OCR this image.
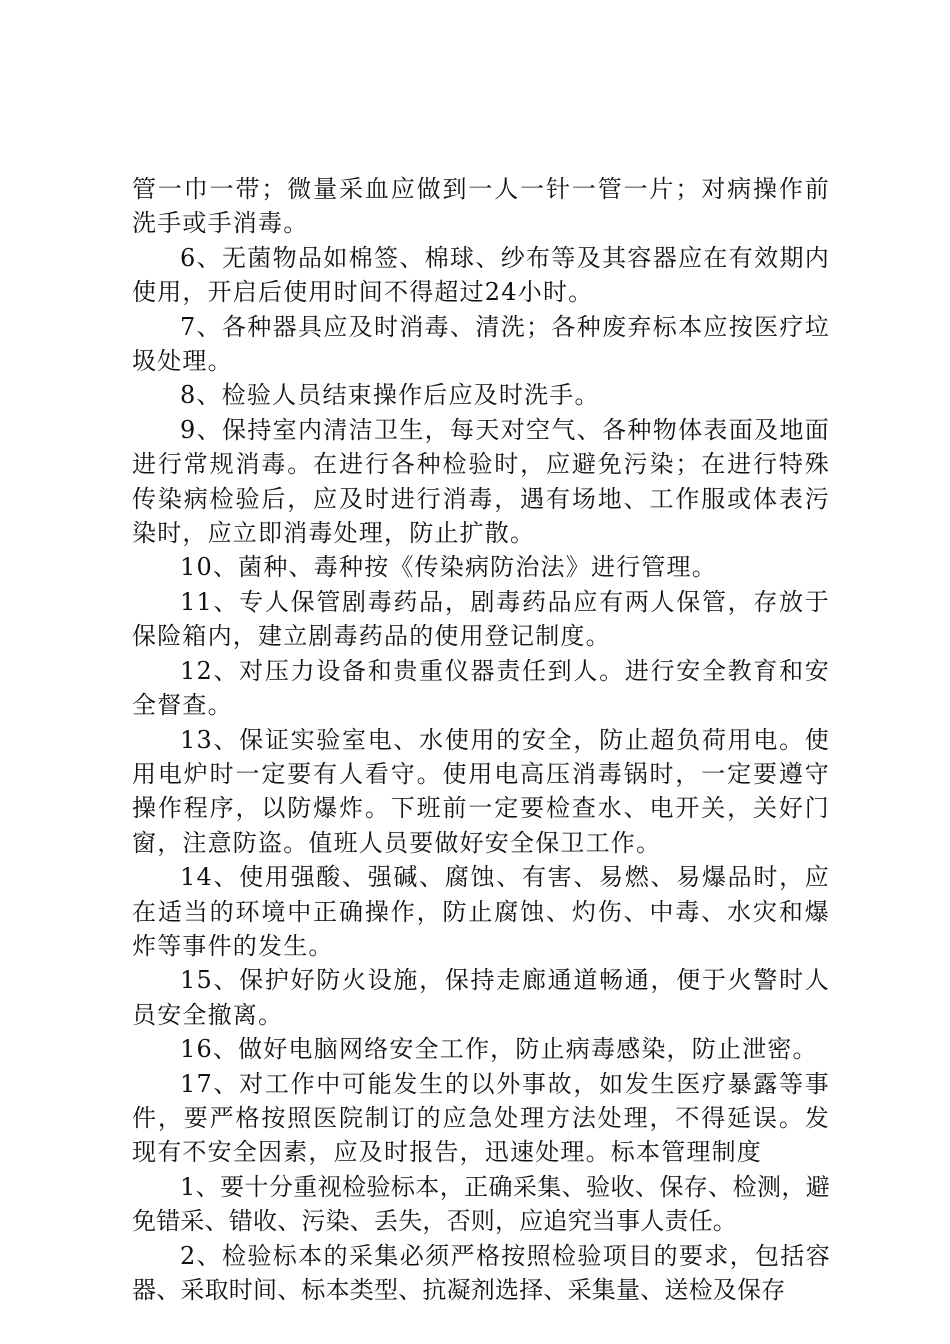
管一巾一带；微量采血应做到一人一针一管一片；对病操作前洗手或手消毒。

6、无菌物品如棉签、棉球、纱布等及其容器应在有效期内使用，开启后使用时间不得超过24小时。

7、各种器具应及时消毒、清洗；各种废弃标本应按医疗垃圾处理。

8、检验人员结束操作后应及时洗手。

9、保持室内清洁卫生，每天对空气、各种物体表面及地面进行常规消毒。在进行各种检验时，应避免污染；在进行特殊传染病检验后，应及时进行消毒，遇有场地、工作服或体表污染时，应立即消毒处理，防止扩散。

10、菌种、毒种按《传染病防治法》进行管理。

11、专人保管剧毒药品，剧毒药品应有两人保管，存放于保险箱内，建立剧毒药品的使用登记制度。

12、对压力设备和贵重仪器责任到人。进行安全教育和安全督查。

13、保证实验室电、水使用的安全，防止超负荷用电。使用电炉时一定要有人看守。使用电高压消毒锅时，一定要遵守操作程序，以防爆炸。下班前一定要检查水、电开关，关好门窗，注意防盗。值班人员要做好安全保卫工作。

14、使用强酸、强碱、腐蚀、有害、易燃、易爆品时，应在适当的环境中正确操作，防止腐蚀、灼伤、中毒、水灾和爆炸等事件的发生。

15、保护好防火设施，保持走廊通道畅通，便于火警时人员安全撤离。

16、做好电脑网络安全工作，防止病毒感染，防止泄密。

17、对工作中可能发生的以外事故，如发生医疗暴露等事件，要严格按照医院制订的应急处理方法处理，不得延误。发现有不安全因素，应及时报告，迅速处理。标本管理制度

1、要十分重视检验标本，正确采集、验收、保存、检测，避免错采、错收、污染、丢失，否则，应追究当事人责任。

2、检验标本的采集必须严格按照检验项目的要求，包括容器、采取时间、标本类型、抗凝剂选择、采集量、送检及保存
